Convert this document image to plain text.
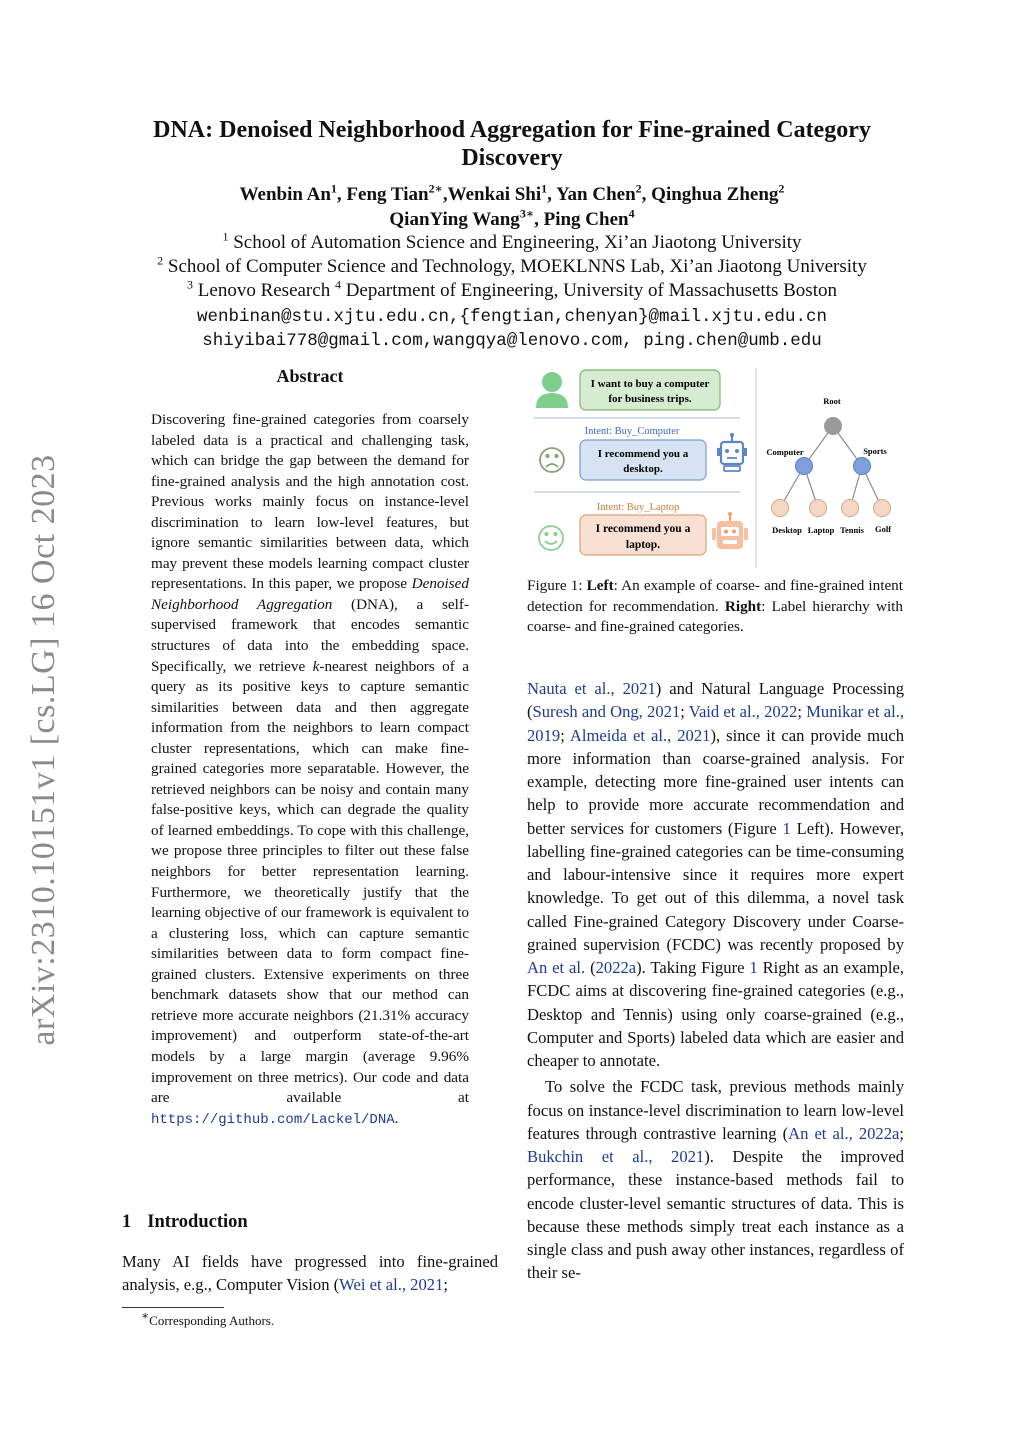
arXiv:2310.10151v1 [cs.LG] 16 Oct 2023
DNA: Denoised Neighborhood Aggregation for Fine-grained Category Discovery
Wenbin An$^1$, Feng Tian$^{2∗}$,Wenkai Shi$^1$, Yan Chen$^2$, Qinghua Zheng$^2$
QianYing Wang$^{3∗}$, Ping Chen$^4$
$^1$ School of Automation Science and Engineering, Xi’an Jiaotong University
$^2$ School of Computer Science and Technology, MOEKLNNS Lab, Xi’an Jiaotong University
$^3$ Lenovo Research $^4$ Department of Engineering, University of Massachusetts Boston
wenbinan@stu.xjtu.edu.cn,{fengtian,chenyan}@mail.xjtu.edu.cn
shiyibai778@gmail.com,wangqya@lenovo.com, ping.chen@umb.edu
Abstract
Discovering fine-grained categories from coarsely labeled data is a practical and challenging task, which can bridge the gap between the demand for fine-grained analysis and the high annotation cost. Previous works mainly focus on instance-level discrimination to learn low-level features, but ignore semantic similarities between data, which may prevent these models learning compact cluster representations. In this paper, we propose Denoised Neighborhood Aggregation (DNA), a self-supervised framework that encodes semantic structures of data into the embedding space. Specifically, we retrieve k-nearest neighbors of a query as its positive keys to capture semantic similarities between data and then aggregate information from the neighbors to learn compact cluster representations, which can make fine-grained categories more separatable. However, the retrieved neighbors can be noisy and contain many false-positive keys, which can degrade the quality of learned embeddings. To cope with this challenge, we propose three principles to filter out these false neighbors for better representation learning. Furthermore, we theoretically justify that the learning objective of our framework is equivalent to a clustering loss, which can capture semantic similarities between data to form compact fine-grained clusters. Extensive experiments on three benchmark datasets show that our method can retrieve more accurate neighbors (21.31% accuracy improvement) and outperform state-of-the-art models by a large margin (average 9.96% improvement on three metrics). Our code and data are available at https://github.com/Lackel/DNA.
1 Introduction
Many AI fields have progressed into fine-grained analysis, e.g., Computer Vision (Wei et al., 2021;
∗Corresponding Authors.
I want to buy a computer
for business trips.
Intent: Buy_Computer
I recommend you a
desktop.
Intent: Buy_Laptop
I recommend you a
laptop.
Root
Computer	Sports
Desktop Laptop Tennis Golf
Figure 1: Left: An example of coarse- and fine-grained intent detection for recommendation. Right: Label hierarchy with coarse- and fine-grained categories.

Nauta et al., 2021) and Natural Language Processing (Suresh and Ong, 2021; Vaid et al., 2022; Munikar et al., 2019; Almeida et al., 2021), since it can provide much more information than coarse-grained analysis. For example, detecting more fine-grained user intents can help to provide more accurate recommendation and better services for customers (Figure 1 Left). However, labelling fine-grained categories can be time-consuming and labour-intensive since it requires more expert knowledge. To get out of this dilemma, a novel task called Fine-grained Category Discovery under Coarse-grained supervision (FCDC) was recently proposed by An et al. (2022a). Taking Figure 1 Right as an example, FCDC aims at discovering fine-grained categories (e.g., Desktop and Tennis) using only coarse-grained (e.g., Computer and Sports) labeled data which are easier and cheaper to annotate.

To solve the FCDC task, previous methods mainly focus on instance-level discrimination to learn low-level features through contrastive learning (An et al., 2022a; Bukchin et al., 2021). Despite the improved performance, these instance-based methods fail to encode cluster-level semantic structures of data. This is because these methods simply treat each instance as a single class and push away other instances, regardless of their se-
